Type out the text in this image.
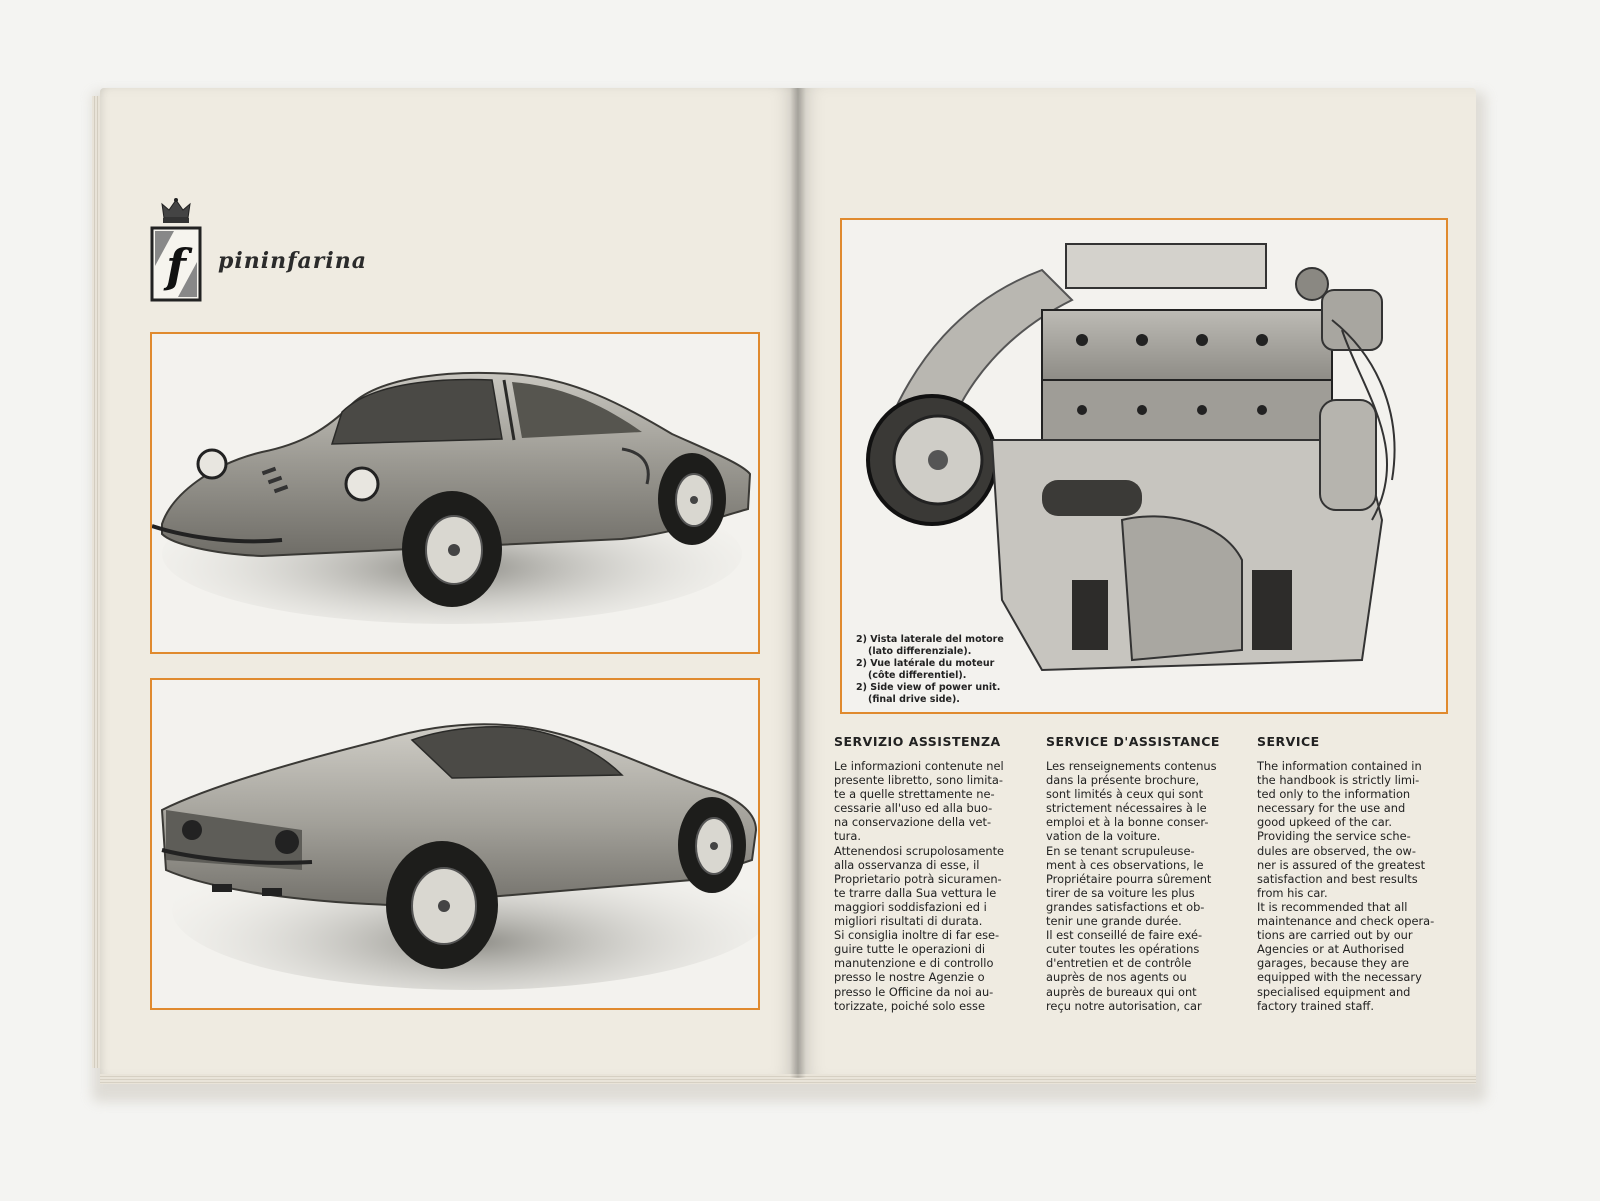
f	pininfarina
2) Vista laterale del motore
(lato differenziale).
2) Vue latérale du moteur
(côte differentiel).
2) Side view of power unit.
(final drive side).
SERVIZIO ASSISTENZA

Le informazioni contenute nel
presente libretto, sono limita-
te a quelle strettamente ne-
cessarie all'uso ed alla buo-
na conservazione della vet-
tura.
Attenendosi scrupolosamente
alla osservanza di esse, il
Proprietario potrà sicuramen-
te trarre dalla Sua vettura le
maggiori soddisfazioni ed i
migliori risultati di durata.
Si consiglia inoltre di far ese-
guire tutte le operazioni di
manutenzione e di controllo
presso le nostre Agenzie o
presso le Officine da noi au-
torizzate, poiché solo esse

SERVICE D'ASSISTANCE

Les renseignements contenus
dans la présente brochure,
sont limités à ceux qui sont
strictement nécessaires à le
emploi et à la bonne conser-
vation de la voiture.
En se tenant scrupuleuse-
ment à ces observations, le
Propriétaire pourra sûrement
tirer de sa voiture les plus
grandes satisfactions et ob-
tenir une grande durée.
Il est conseillé de faire exé-
cuter toutes les opérations
d'entretien et de contrôle
auprès de nos agents ou
auprès de bureaux qui ont
reçu notre autorisation, car

SERVICE

The information contained in
the handbook is strictly limi-
ted only to the information
necessary for the use and
good upkeed of the car.
Providing the service sche-
dules are observed, the ow-
ner is assured of the greatest
satisfaction and best results
from his car.
It is recommended that all
maintenance and check opera-
tions are carried out by our
Agencies or at Authorised
garages, because they are
equipped with the necessary
specialised equipment and
factory trained staff.
